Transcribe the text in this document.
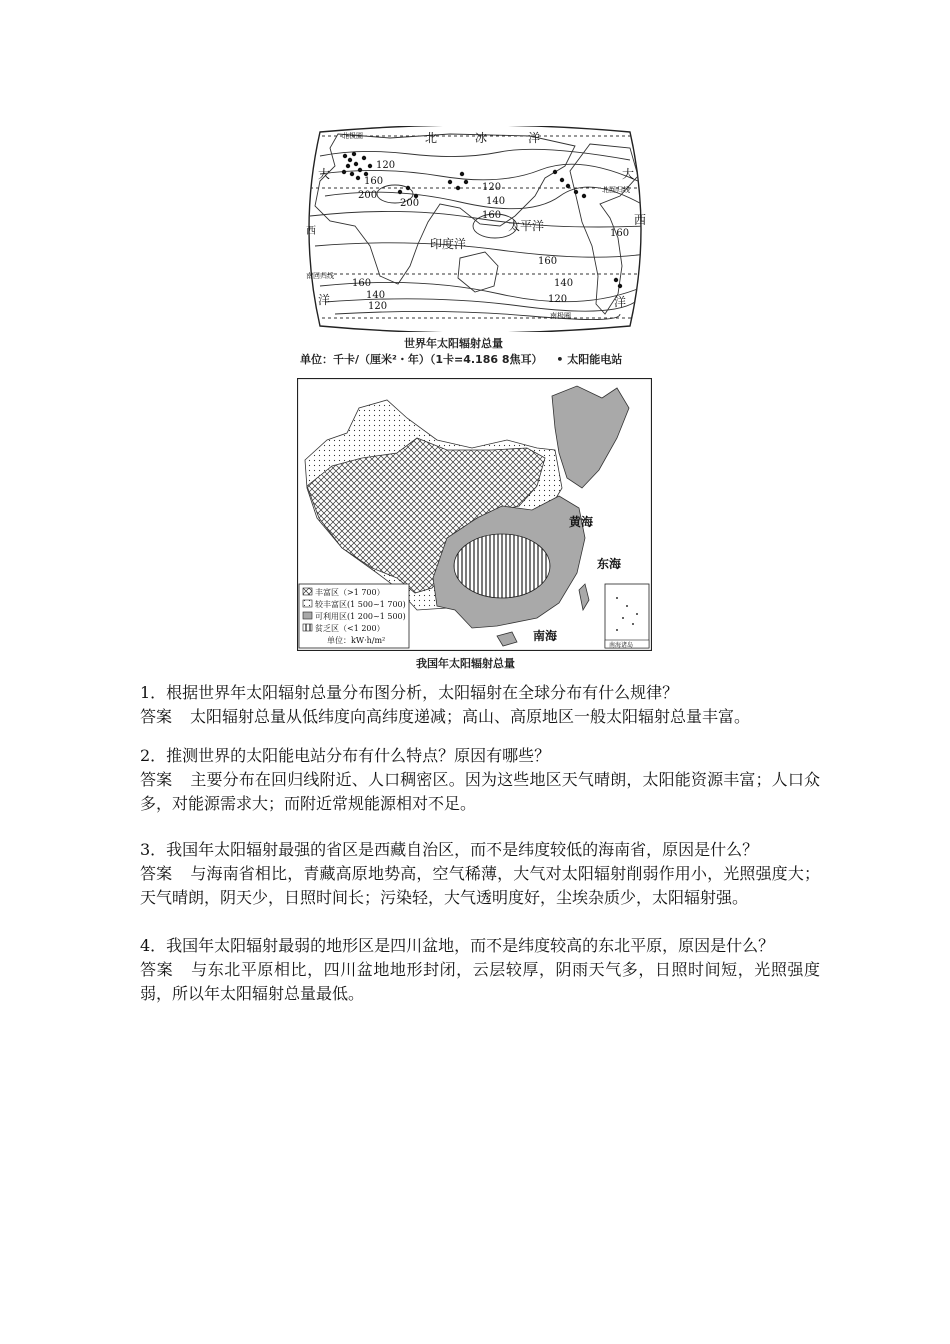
北	冰	洋
大	大
西
西
印度洋
太平洋
洋	洋
北极圈
北回归线
南回归线
南极圈
120
160
200
200
120
140
160
160
160
140
120
160
140
120
世界年太阳辐射总量
单位：千卡/（厘米²・年）（1卡=4.186 8焦耳） • 太阳能电站
黄海
东海
南海
南海诸岛
丰富区（>1 700）
较丰富区(1 500~1 700)
可利用区(1 200~1 500)
贫乏区（<1 200）
单位：kW·h/m²
我国年太阳辐射总量

1．根据世界年太阳辐射总量分布图分析，太阳辐射在全球分布有什么规律？

答案 太阳辐射总量从低纬度向高纬度递减；高山、高原地区一般太阳辐射总量丰富。

2．推测世界的太阳能电站分布有什么特点？原因有哪些？

答案 主要分布在回归线附近、人口稠密区。因为这些地区天气晴朗，太阳能资源丰富；人口众多，对能源需求大；而附近常规能源相对不足。

3．我国年太阳辐射最强的省区是西藏自治区，而不是纬度较低的海南省，原因是什么？

答案 与海南省相比，青藏高原地势高，空气稀薄，大气对太阳辐射削弱作用小，光照强度大；天气晴朗，阴天少，日照时间长；污染轻，大气透明度好，尘埃杂质少，太阳辐射强。

4．我国年太阳辐射最弱的地形区是四川盆地，而不是纬度较高的东北平原，原因是什么？

答案 与东北平原相比，四川盆地地形封闭，云层较厚，阴雨天气多，日照时间短，光照强度弱，所以年太阳辐射总量最低。
